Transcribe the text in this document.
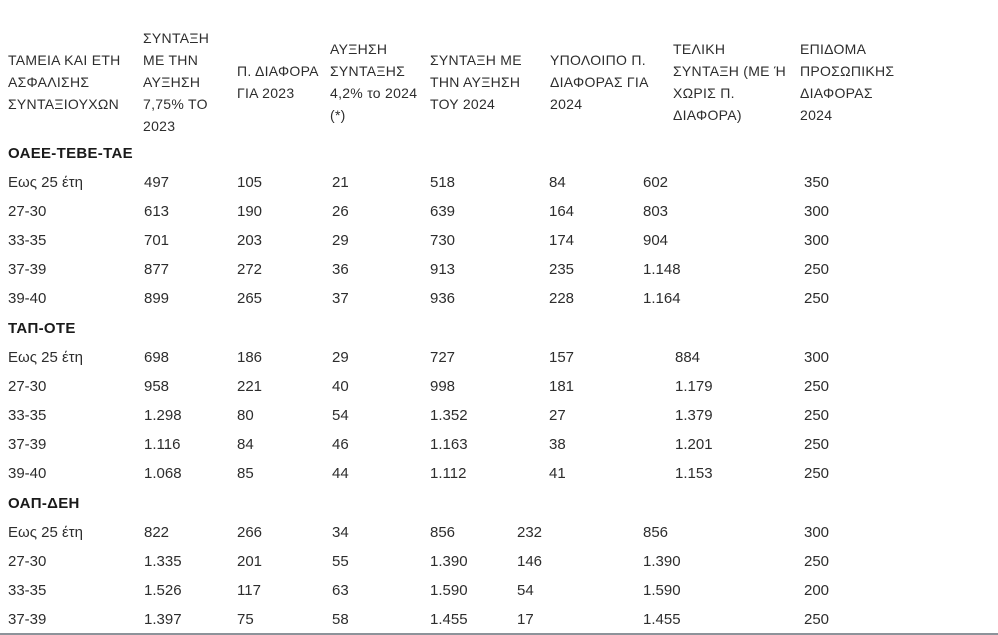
ΤΑΜΕΙΑ ΚΑΙ ΕΤΗ ΑΣΦΑΛΙΣΗΣ ΣΥΝΤΑΞΙΟΥΧΩΝ	ΣΥΝΤΑΞΗ ΜΕ ΤΗΝ ΑΥΞΗΣΗ 7,75% ΤΟ 2023	Π. ΔΙΑΦΟΡΑ ΓΙΑ 2023	ΑΥΞΗΣΗ ΣΥΝΤΑΞΗΣ 4,2% το 2024 (*)	ΣΥΝΤΑΞΗ ΜΕ ΤΗΝ ΑΥΞΗΣΗ ΤΟΥ 2024	ΥΠΟΛΟΙΠΟ Π. ΔΙΑΦΟΡΑΣ ΓΙΑ 2024	ΤΕΛΙΚΗ ΣΥΝΤΑΞΗ (ΜΕ Ή ΧΩΡΙΣ Π. ΔΙΑΦΟΡΑ)	ΕΠΙΔΟΜΑ ΠΡΟΣΩΠΙΚΗΣ ΔΙΑΦΟΡΑΣ 2024
ΟΑΕΕ-ΤΕΒΕ-ΤΑΕ							
Εως 25 έτη	497	105	21	518	84	602	350
27-30	613	190	26	639	164	803	300
33-35	701	203	29	730	174	904	300
37-39	877	272	36	913	235	1.148	250
39-40	899	265	37	936	228	1.164	250
ΤΑΠ-ΟΤΕ							
Εως 25 έτη	698	186	29	727	157	884	300
27-30	958	221	40	998	181	1.179	250
33-35	1.298	80	54	1.352	27	1.379	250
37-39	1.116	84	46	1.163	38	1.201	250
39-40	1.068	85	44	1.112	41	1.153	250
ΟΑΠ-ΔΕΗ							
Εως 25 έτη	822	266	34	856	232	856	300
27-30	1.335	201	55	1.390	146	1.390	250
33-35	1.526	117	63	1.590	54	1.590	200
37-39	1.397	75	58	1.455	17	1.455	250
